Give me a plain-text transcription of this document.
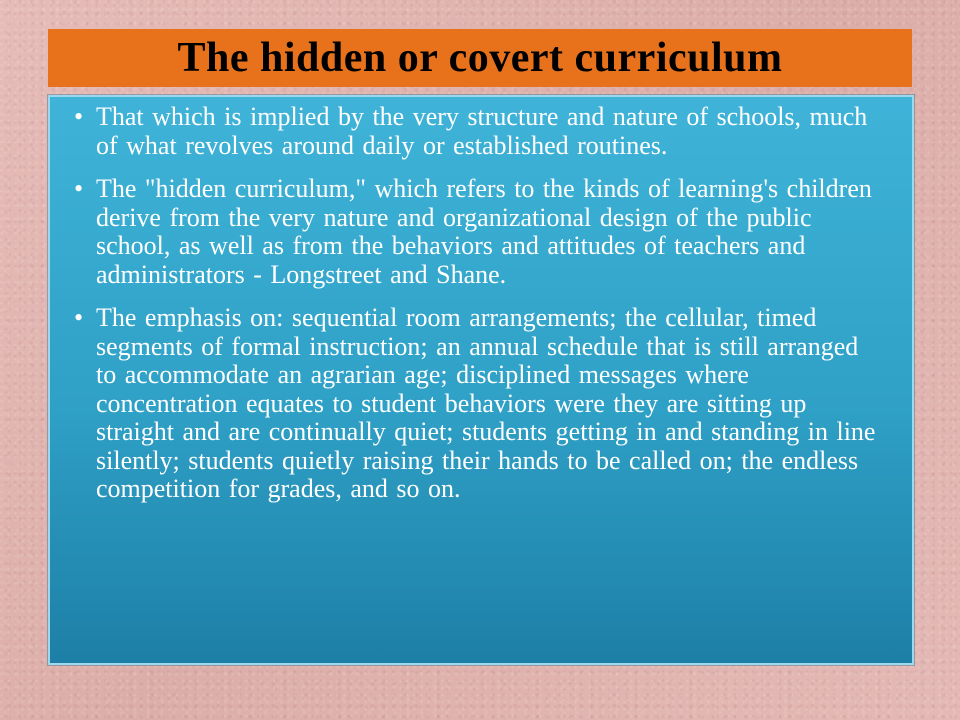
The hidden or covert curriculum
• That which is implied by the very structure and nature of schools, much of what revolves around daily or established routines.
• The "hidden curriculum," which refers to the kinds of learning's children derive from the very nature and organizational design of the public school, as well as from the behaviors and attitudes of teachers and administrators - Longstreet and Shane.
• The emphasis on: sequential room arrangements; the cellular, timed segments of formal instruction; an annual schedule that is still arranged to accommodate an agrarian age; disciplined messages where concentration equates to student behaviors were they are sitting up straight and are continually quiet; students getting in and standing in line silently; students quietly raising their hands to be called on; the endless competition for grades, and so on.
